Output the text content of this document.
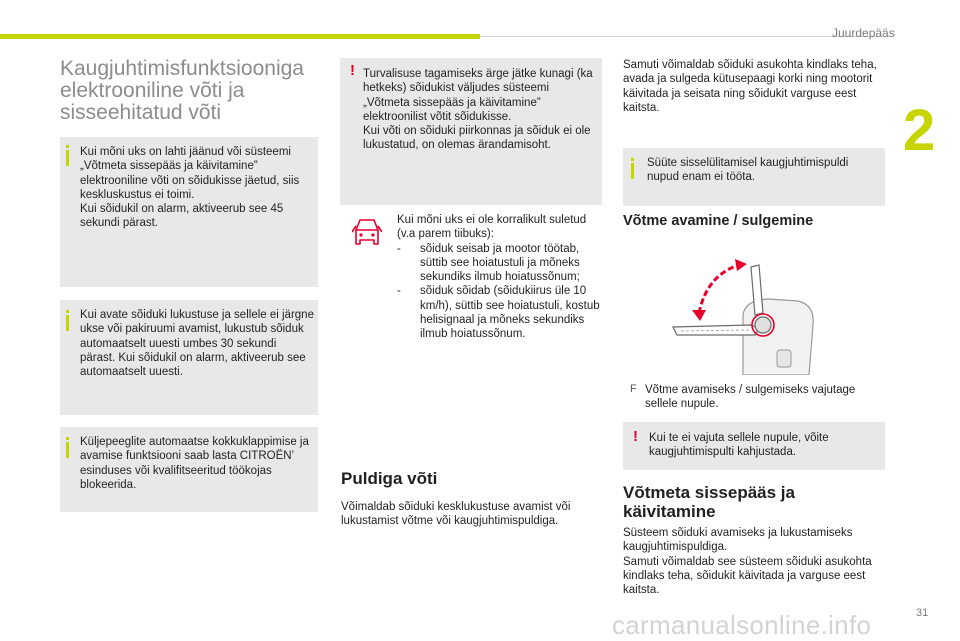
Juurdepääs
2
31
Kaugjuhtimisfunktsiooniga elektrooniline võti ja sisseehitatud võti

Kui mõni uks on lahti jäänud või süsteemi „Võtmeta sissepääs ja käivitamine” elektrooniline võti on sõidukisse jäetud, siis keskluskustus ei toimi.
Kui sõidukil on alarm, aktiveerub see 45 sekundi pärast.

Kui avate sõiduki lukustuse ja sellele ei järgne ukse või pakiruumi avamist, lukustub sõiduk automaatselt uuesti umbes 30 sekundi pärast. Kui sõidukil on alarm, aktiveerub see automaatselt uuesti.

Küljepeeglite automaatse kokkuklappimise ja avamise funktsiooni saab lasta CITROËN’ esinduses või kvalifitseeritud töökojas blokeerida.

! Turvalisuse tagamiseks ärge jätke kunagi (ka hetkeks) sõidukist väljudes süsteemi „Võtmeta sissepääs ja käivitamine” elektroonilist võtit sõidukisse.
Kui võti on sõiduki piirkonnas ja sõiduk ei ole lukustatud, on olemas ärandamisoht.

Kui mõni uks ei ole korralikult suletud (v.a parem tiibuks):

- sõiduk seisab ja mootor töötab, süttib see hoiatustuli ja mõneks sekundiks ilmub hoiatussõnum;
- sõiduk sõidab (sõidukiirus üle 10 km/h), süttib see hoiatustuli, kostub helisignaal ja mõneks sekundiks ilmub hoiatussõnum.
Puldiga võti

Võimaldab sõiduki kesklukustuse avamist või lukustamist võtme või kaugjuhtimispuldiga.

Samuti võimaldab sõiduki asukohta kindlaks teha, avada ja sulgeda kütusepaagi korki ning mootorit käivitada ja seisata ning sõidukit varguse eest kaitsta.

Süüte sisselülitamisel kaugjuhtimispuldi nupud enam ei tööta.

Võtme avamine / sulgemine
F Võtme avamiseks / sulgemiseks vajutage sellele nupule.

! Kui te ei vajuta sellele nupule, võite kaugjuhtimispulti kahjustada.

Võtmeta sissepääs ja käivitamine

Süsteem sõiduki avamiseks ja lukustamiseks kaugjuhtimispuldiga.
Samuti võimaldab see süsteem sõiduki asukohta kindlaks teha, sõidukit käivitada ja varguse eest kaitsta.

carmanualsonline.info
